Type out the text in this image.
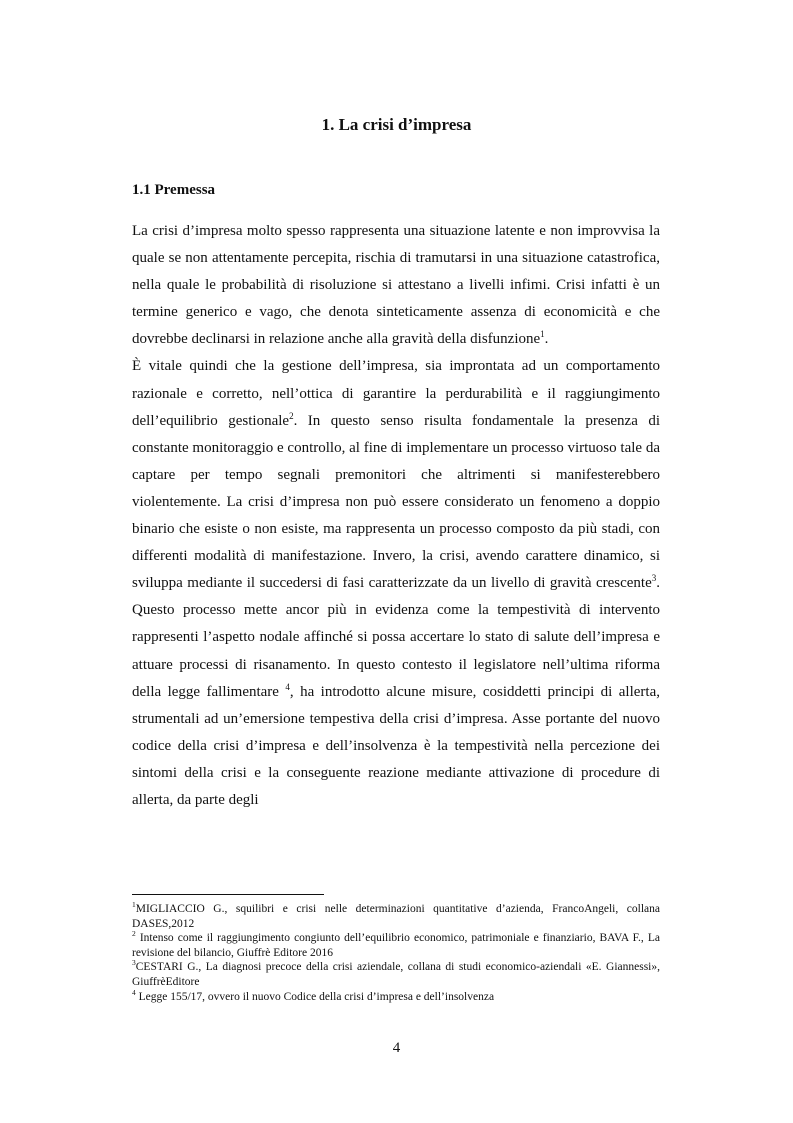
1. La crisi d’impresa
1.1 Premessa

La crisi d’impresa molto spesso rappresenta una situazione latente e non improvvisa la quale se non attentamente percepita, rischia di tramutarsi in una situazione catastrofica, nella quale le probabilità di risoluzione si attestano a livelli infimi. Crisi infatti è un termine generico e vago, che denota sinteticamente assenza di economicità e che dovrebbe declinarsi in relazione anche alla gravità della disfunzione$^1$.

È vitale quindi che la gestione dell’impresa, sia improntata ad un comportamento razionale e corretto, nell’ottica di garantire la perdurabilità e il raggiungimento dell’equilibrio gestionale$^2$. In questo senso risulta fondamentale la presenza di constante monitoraggio e controllo, al fine di implementare un processo virtuoso tale da captare per tempo segnali premonitori che altrimenti si manifesterebbero violentemente. La crisi d’impresa non può essere considerato un fenomeno a doppio binario che esiste o non esiste, ma rappresenta un processo composto da più stadi, con differenti modalità di manifestazione. Invero, la crisi, avendo carattere dinamico, si sviluppa mediante il succedersi di fasi caratterizzate da un livello di gravità crescente$^3$. Questo processo mette ancor più in evidenza come la tempestività di intervento rappresenti l’aspetto nodale affinché si possa accertare lo stato di salute dell’impresa e attuare processi di risanamento. In questo contesto il legislatore nell’ultima riforma della legge fallimentare $^4$, ha introdotto alcune misure, cosiddetti principi di allerta, strumentali ad un’emersione tempestiva della crisi d’impresa. Asse portante del nuovo codice della crisi d’impresa e dell’insolvenza è la tempestività nella percezione dei sintomi della crisi e la conseguente reazione mediante attivazione di procedure di allerta, da parte degli

$^1$MIGLIACCIO G., squilibri e crisi nelle determinazioni quantitative d’azienda, FrancoAngeli, collana DASES,2012

$^2$ Intenso come il raggiungimento congiunto dell’equilibrio economico, patrimoniale e finanziario, BAVA F., La revisione del bilancio, Giuffrè Editore 2016

$^3$CESTARI G., La diagnosi precoce della crisi aziendale, collana di studi economico-aziendali «E. Giannessi», GiuffrèEditore

$^4$ Legge 155/17, ovvero il nuovo Codice della crisi d’impresa e dell’insolvenza

4
